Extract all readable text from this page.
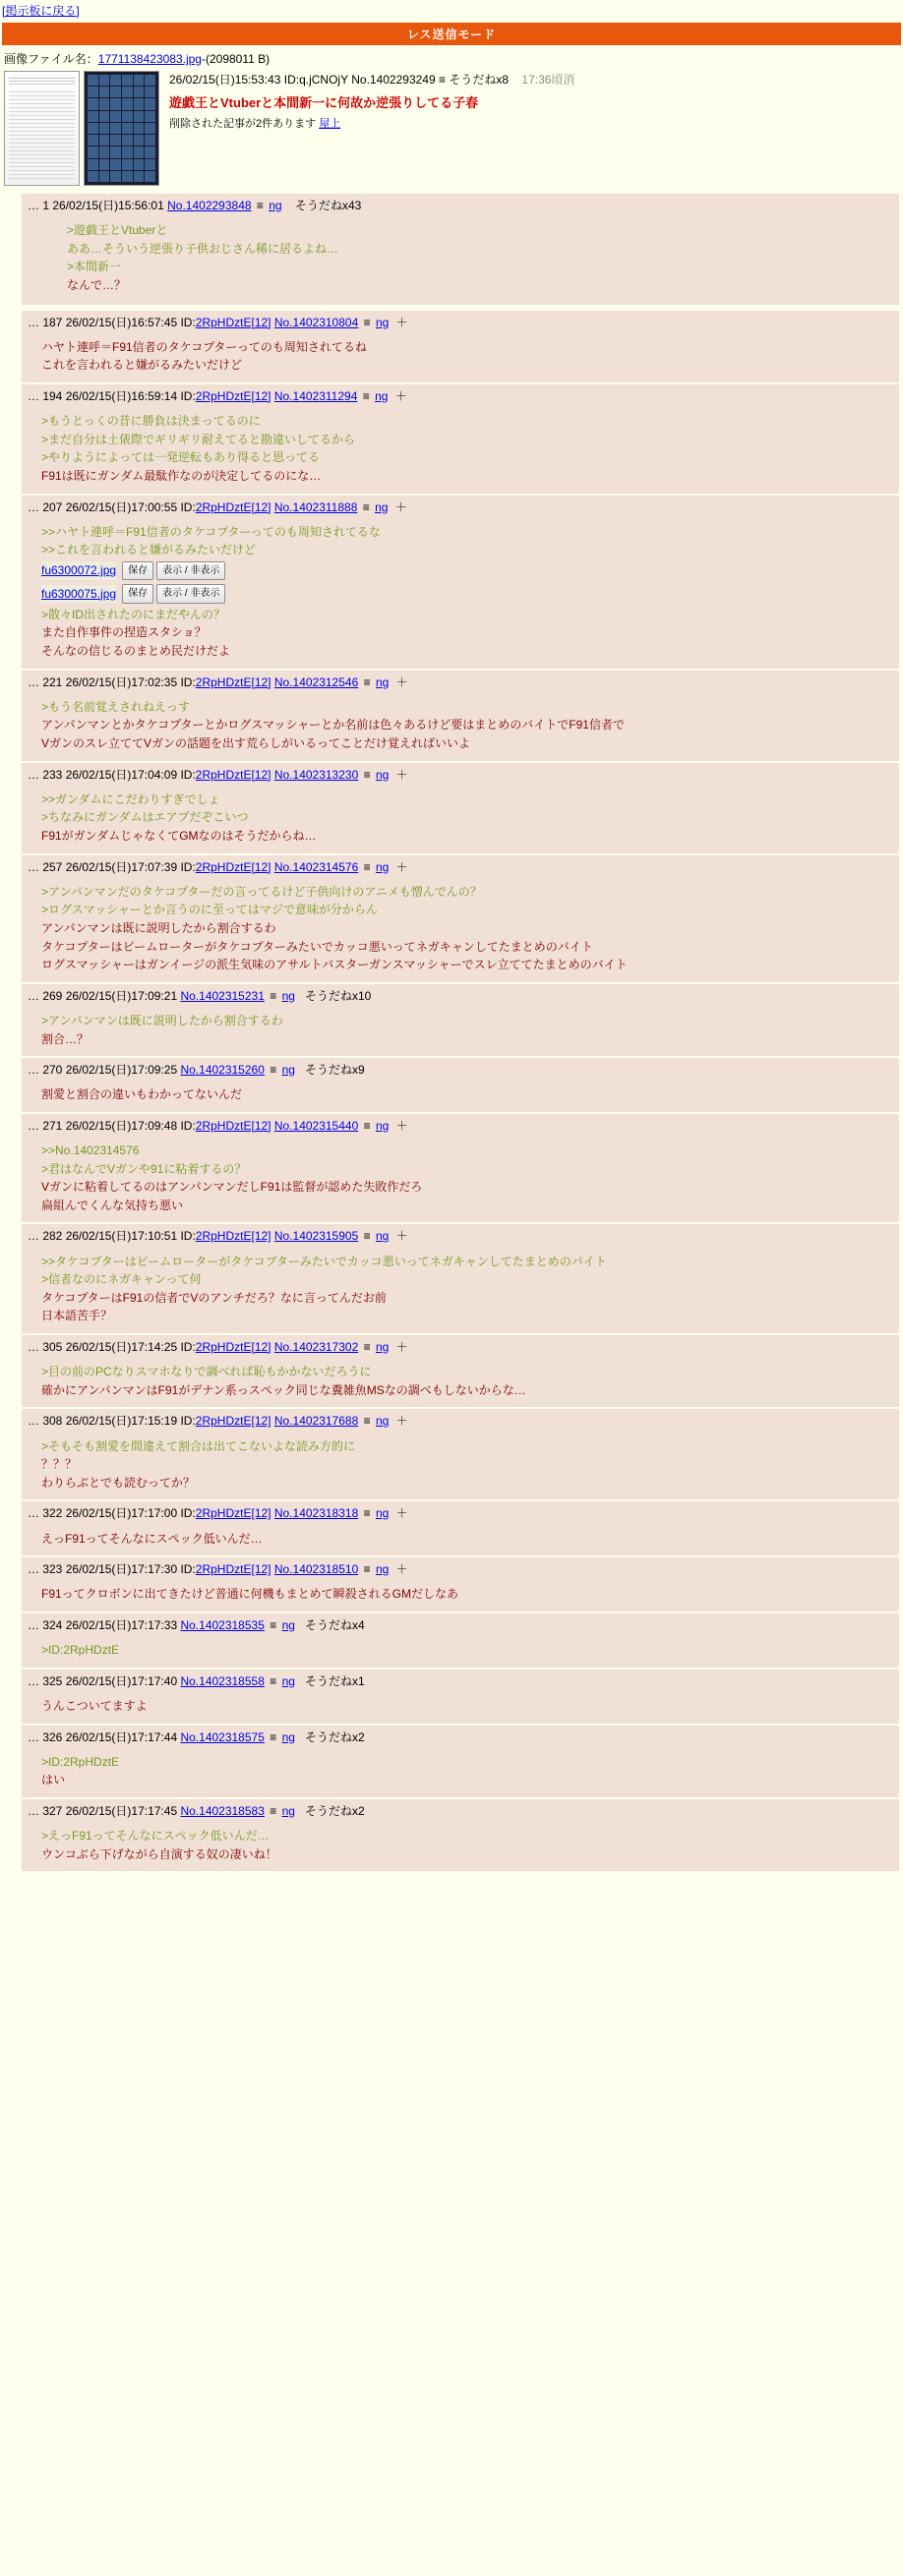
[掲示板に戻る]
レス送信モード
画像ファイル名：1771138423083.jpg-(2098011 B)
26/02/15(日)15:53:43 ID:q.jCNOjY No.1402293249 ≡ そうだねx8 17:36頃消
遊戯王とVtuberと本間新一に何故か逆張りしてる子春
削除された記事が2件あります 屋上
… 1 26/02/15(日)15:56:01 No.1402293848 ≡ ng そうだねx43
>遊戯王とVtuberと
ああ…そういう逆張り子供おじさん稀に居るよね…
>本間新一
なんで…？
… 187 26/02/15(日)16:57:45 ID:2RpHDztE[12] No.1402310804 ≡ ng ＋
ハヤト連呼＝F91信者のタケコプターってのも周知されてるね
これを言われると嫌がるみたいだけど
… 194 26/02/15(日)16:59:14 ID:2RpHDztE[12] No.1402311294 ≡ ng ＋
>もうとっくの昔に勝負は決まってるのに
>まだ自分は土俵際でギリギリ耐えてると勘違いしてるから
>やりようによっては一発逆転もあり得ると思ってる
F91は既にガンダム最駄作なのが決定してるのにな…
… 207 26/02/15(日)17:00:55 ID:2RpHDztE[12] No.1402311888 ≡ ng ＋
>>ハヤト連呼＝F91信者のタケコプターってのも周知されてるな
>>これを言われると嫌がるみたいだけど
fu6300072.jpg	保存	表示 / 非表示
fu6300075.jpg	保存	表示 / 非表示
>散々ID出されたのにまだやんの？
また自作事件の捏造スタショ？
そんなの信じるのまとめ民だけだよ
… 221 26/02/15(日)17:02:35 ID:2RpHDztE[12] No.1402312546 ≡ ng ＋
>もう名前覚えされねえっす
アンパンマンとかタケコプターとかログスマッシャーとか名前は色々あるけど要はまとめのバイトでF91信者で
Vガンのスレ立ててVガンの話題を出す荒らしがいるってことだけ覚えればいいよ
… 233 26/02/15(日)17:04:09 ID:2RpHDztE[12] No.1402313230 ≡ ng ＋
>>ガンダムにこだわりすぎでしょ
>ちなみにガンダムはエアプだぞこいつ
F91がガンダムじゃなくてGMなのはそうだからね…
… 257 26/02/15(日)17:07:39 ID:2RpHDztE[12] No.1402314576 ≡ ng ＋
>アンパンマンだのタケコプターだの言ってるけど子供向けのアニメも憎んでんの？
>ログスマッシャーとか言うのに至ってはマジで意味が分からん
アンパンマンは既に説明したから割合するわ
タケコプターはビームローターがタケコプターみたいでカッコ悪いってネガキャンしてたまとめのバイト
ログスマッシャーはガンイージの派生気味のアサルトバスターガンスマッシャーでスレ立ててたまとめのバイト
… 269 26/02/15(日)17:09:21 No.1402315231 ≡ ng そうだねx10
>アンパンマンは既に説明したから割合するわ
割合…？
… 270 26/02/15(日)17:09:25 No.1402315260 ≡ ng そうだねx9
割愛と割合の違いもわかってないんだ
… 271 26/02/15(日)17:09:48 ID:2RpHDztE[12] No.1402315440 ≡ ng ＋
>>No.1402314576
>君はなんでVガンや91に粘着するの？
Vガンに粘着してるのはアンパンマンだしF91は監督が認めた失敗作だろ
扁組んでくんな気持ち悪い
… 282 26/02/15(日)17:10:51 ID:2RpHDztE[12] No.1402315905 ≡ ng ＋
>>タケコプターはビームローターがタケコプターみたいでカッコ悪いってネガキャンしてたまとめのバイト
>信者なのにネガキャンって何
タケコプターはF91の信者でVのアンチだろ？なに言ってんだお前
日本語苦手？
… 305 26/02/15(日)17:14:25 ID:2RpHDztE[12] No.1402317302 ≡ ng ＋
>目の前のPCなりスマホなりで調べれば恥もかかないだろうに
確かにアンパンマンはF91がデナン系っスペック同じな糞雑魚MSなの調べもしないからな…
… 308 26/02/15(日)17:15:19 ID:2RpHDztE[12] No.1402317688 ≡ ng ＋
>そもそも割愛を間違えて割合は出てこないよな読み方的に
？？？
わりらぶとでも読むってか？
… 322 26/02/15(日)17:17:00 ID:2RpHDztE[12] No.1402318318 ≡ ng ＋
えっF91ってそんなにスペック低いんだ…
… 323 26/02/15(日)17:17:30 ID:2RpHDztE[12] No.1402318510 ≡ ng ＋
F91ってクロボンに出てきたけど普通に何機もまとめて瞬殺されるGMだしなあ
… 324 26/02/15(日)17:17:33 No.1402318535 ≡ ng そうだねx4
>ID:2RpHDztE
… 325 26/02/15(日)17:17:40 No.1402318558 ≡ ng そうだねx1
うんこついてますよ
… 326 26/02/15(日)17:17:44 No.1402318575 ≡ ng そうだねx2
>ID:2RpHDztE
はい
… 327 26/02/15(日)17:17:45 No.1402318583 ≡ ng そうだねx2
>えっF91ってそんなにスペック低いんだ…
ウンコぶら下げながら自演する奴の凄いね！
